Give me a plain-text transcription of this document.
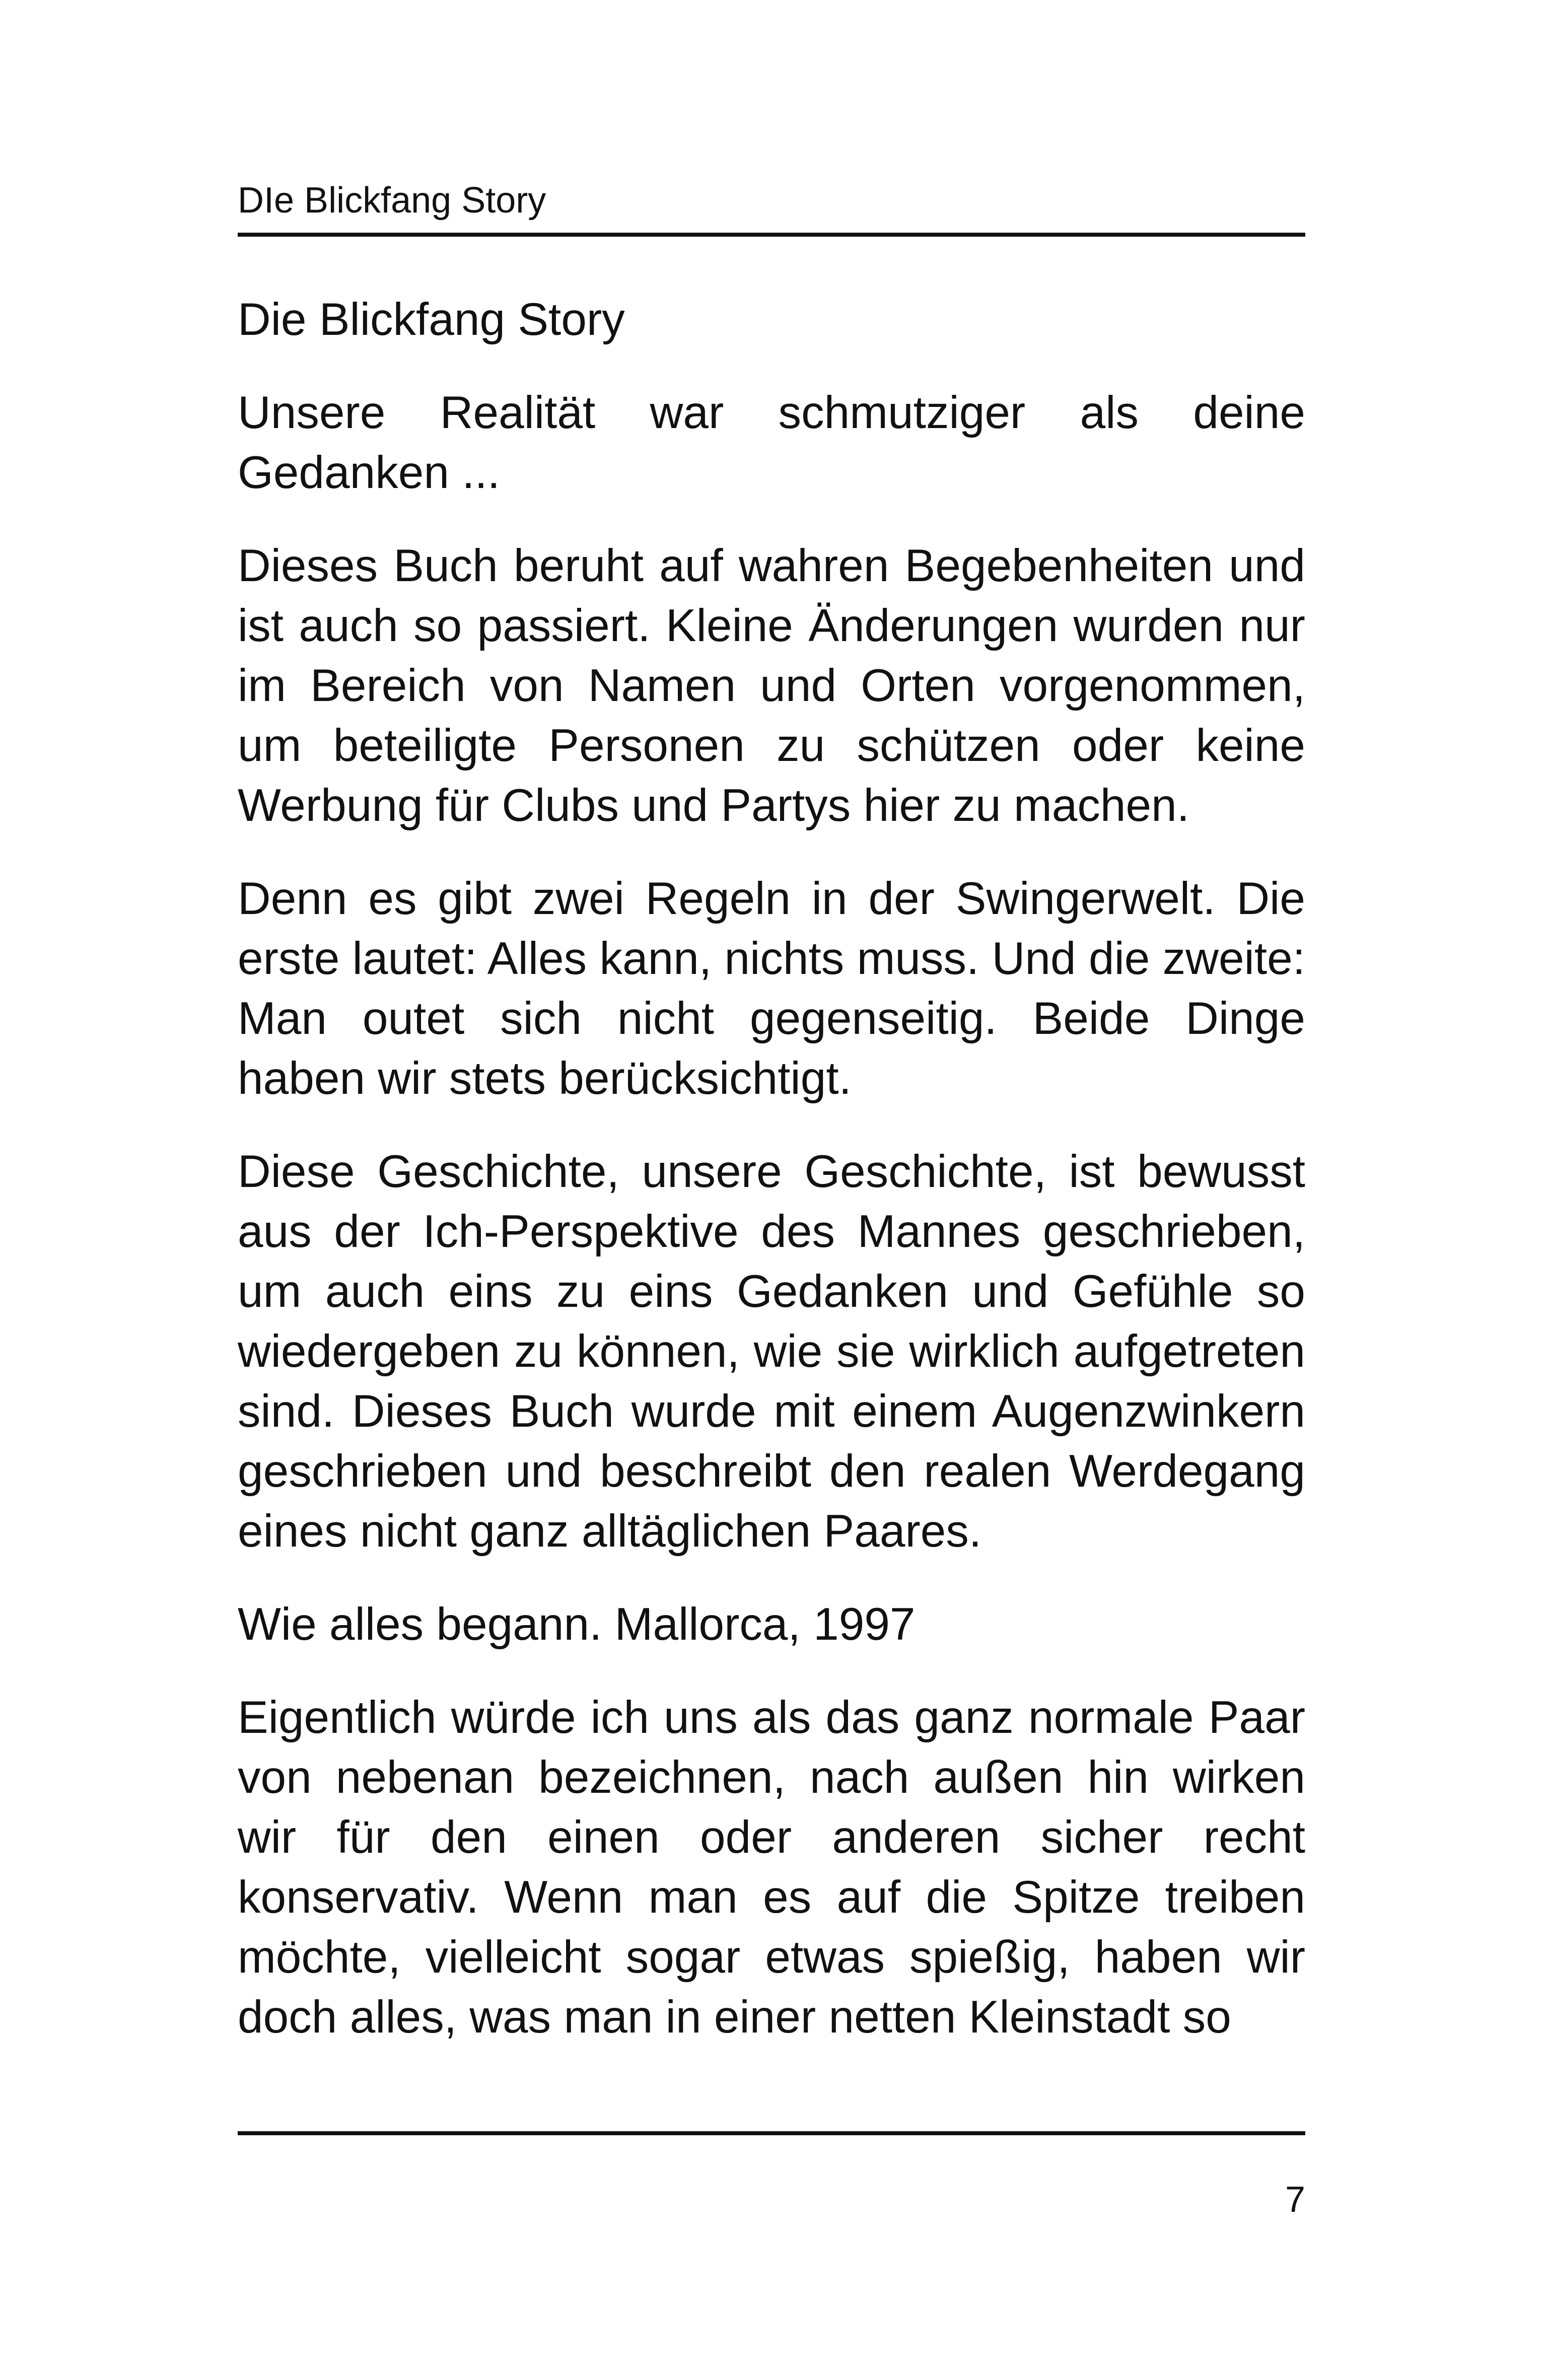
DIe Blickfang Story

Die Blickfang Story

Unsere Realität war schmutziger als deine Gedanken ...

Dieses Buch beruht auf wahren Begebenheiten und ist auch so passiert. Kleine Änderungen wurden nur im Bereich von Namen und Orten vorgenommen, um beteiligte Personen zu schützen oder keine Werbung für Clubs und Partys hier zu machen.

Denn es gibt zwei Regeln in der Swingerwelt. Die erste lautet: Alles kann, nichts muss. Und die zweite: Man outet sich nicht gegenseitig. Beide Dinge haben wir stets berücksichtigt.

Diese Geschichte, unsere Geschichte, ist bewusst aus der Ich-Perspektive des Mannes geschrieben, um auch eins zu eins Gedanken und Gefühle so wiedergeben zu können, wie sie wirklich aufgetreten sind. Dieses Buch wurde mit einem Augenzwinkern geschrieben und beschreibt den realen Werdegang eines nicht ganz alltäglichen Paares.

Wie alles begann. Mallorca, 1997

Eigentlich würde ich uns als das ganz normale Paar von nebenan bezeichnen, nach außen hin wirken wir für den einen oder anderen sicher recht konservativ. Wenn man es auf die Spitze treiben möchte, vielleicht sogar etwas spießig, haben wir doch alles, was man in einer netten Kleinstadt so

7
